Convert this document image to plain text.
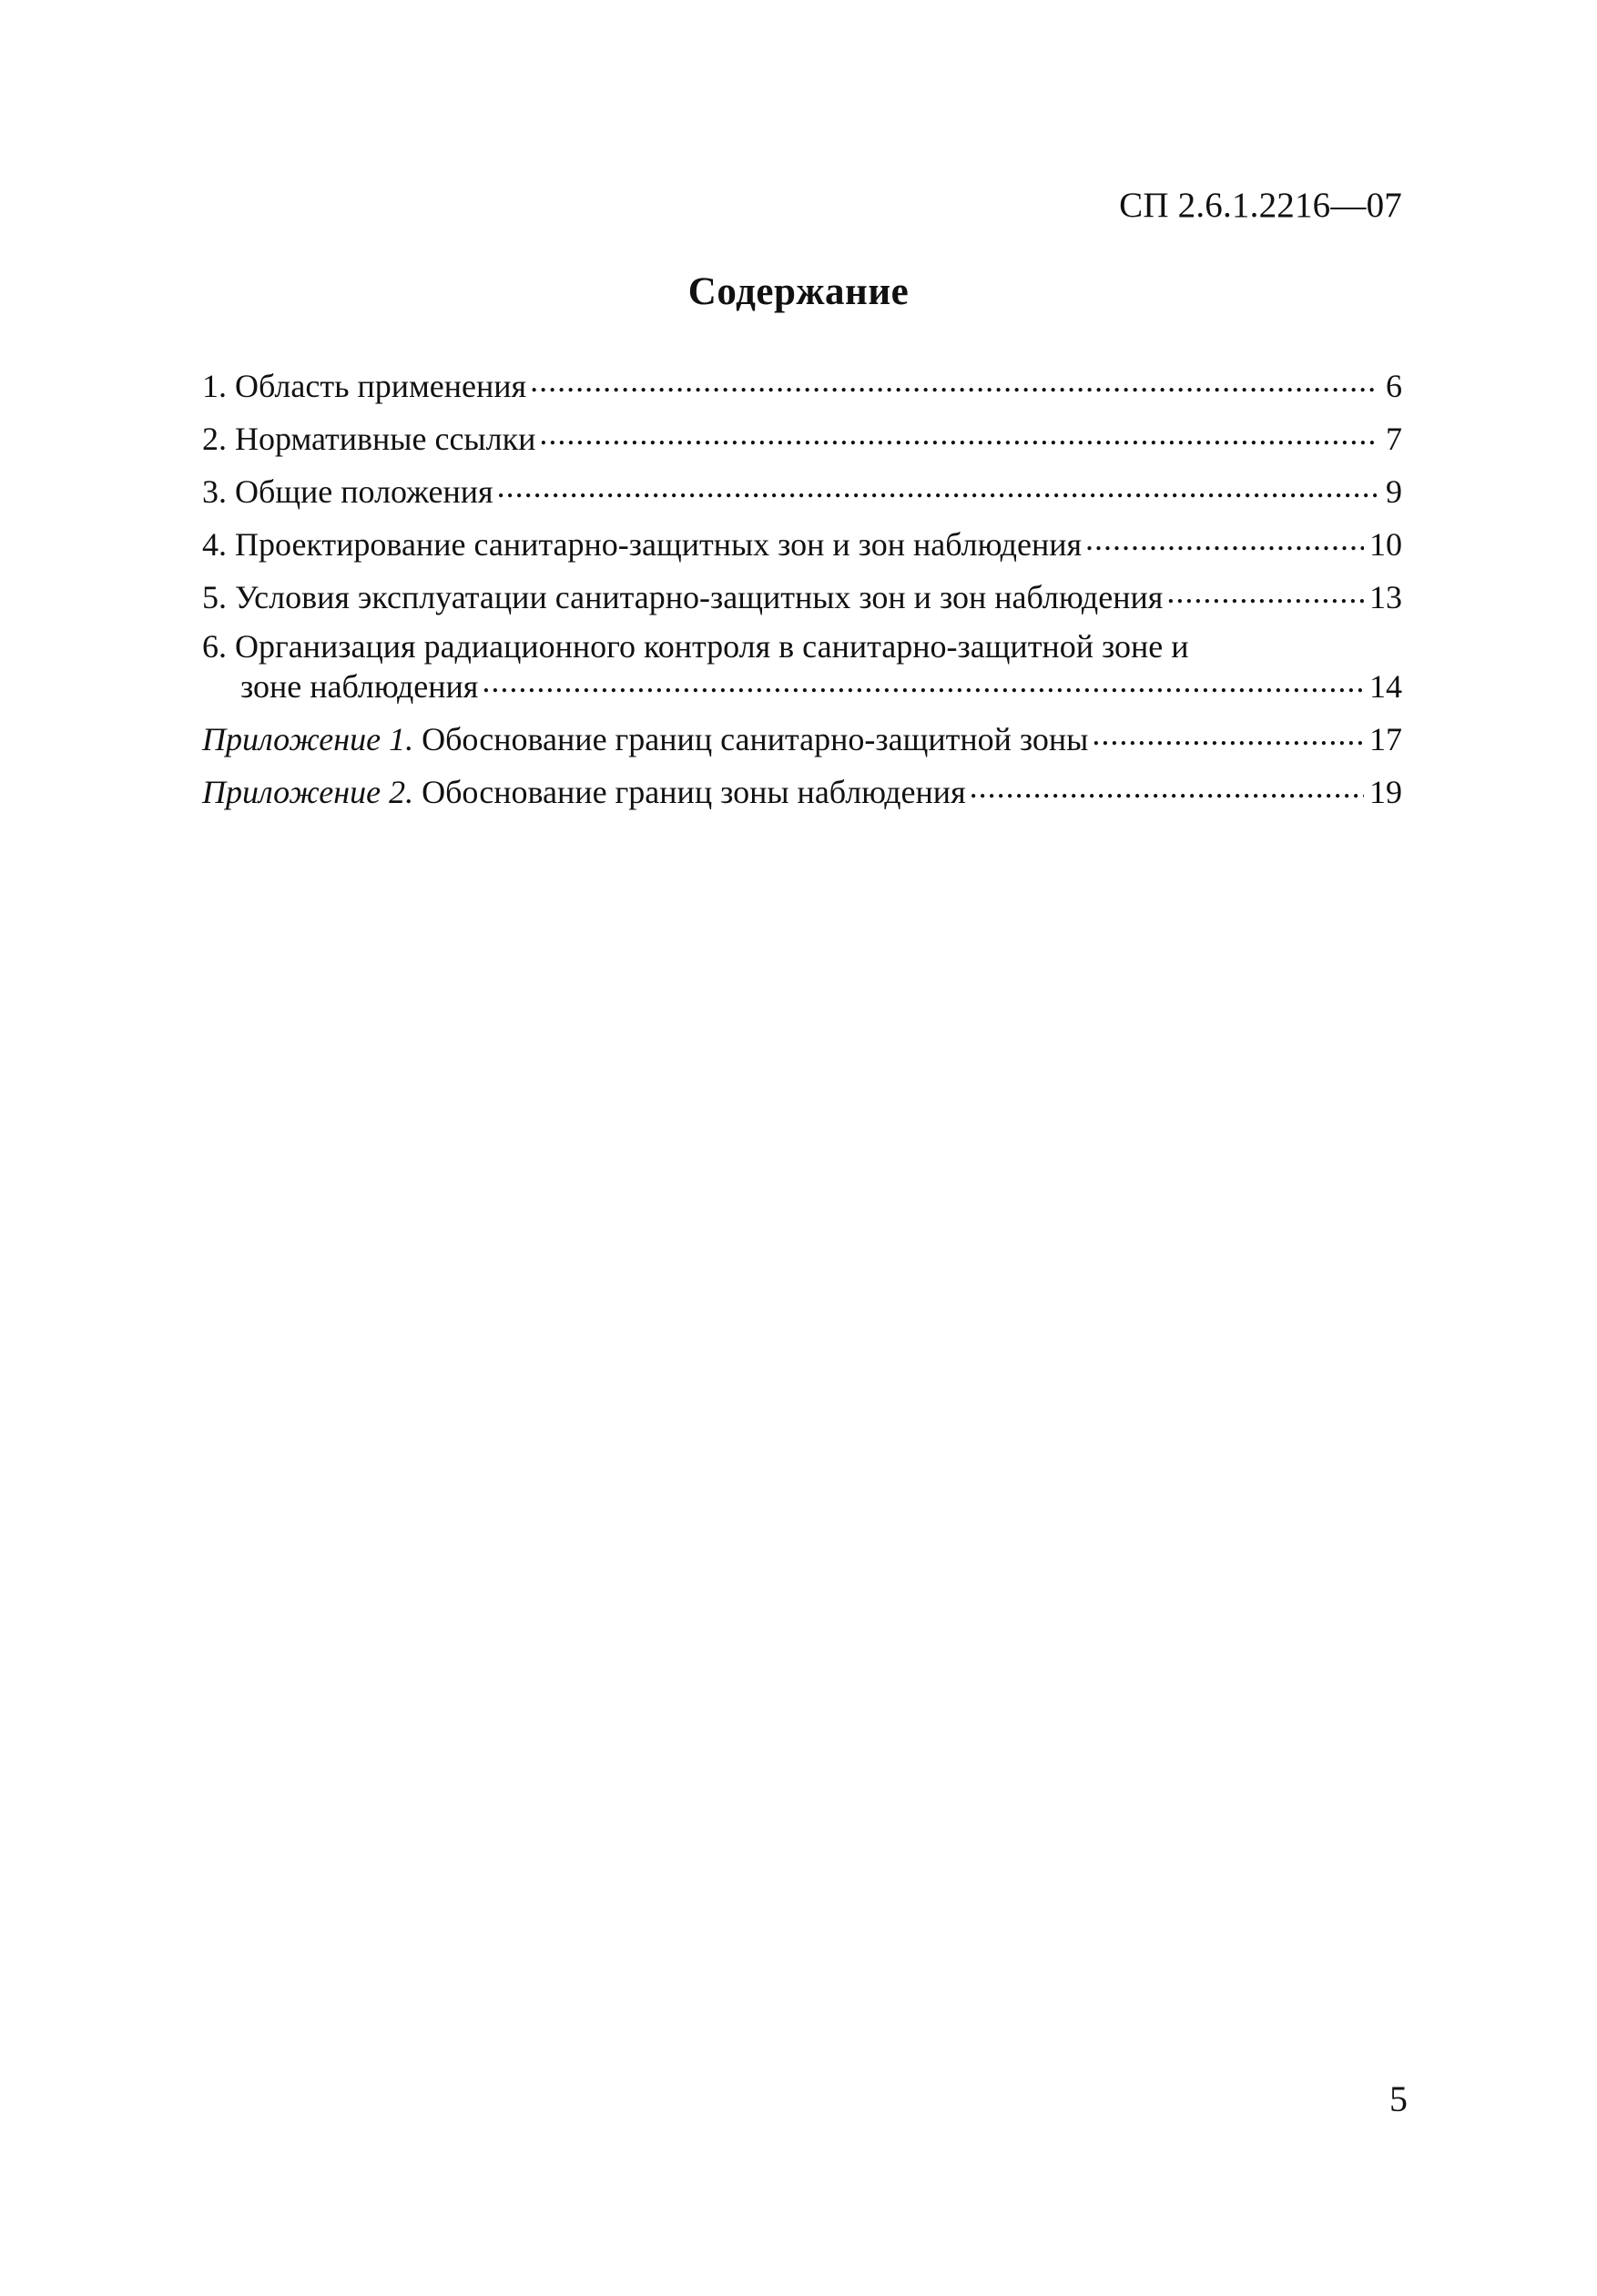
СП 2.6.1.2216—07
Содержание
1. Область применения .....	6
2. Нормативные ссылки .....	7
3. Общие положения .....	9
4. Проектирование санитарно-защитных зон и зон наблюдения .....	10
5. Условия эксплуатации санитарно-защитных зон и зон наблюдения .....	13
6. Организация радиационного контроля в санитарно-защитной зоне и
зоне наблюдения .....	14
Приложение 1. Обоснование границ санитарно-защитной зоны .....	17
Приложение 2. Обоснование границ зоны наблюдения .....	19
5
